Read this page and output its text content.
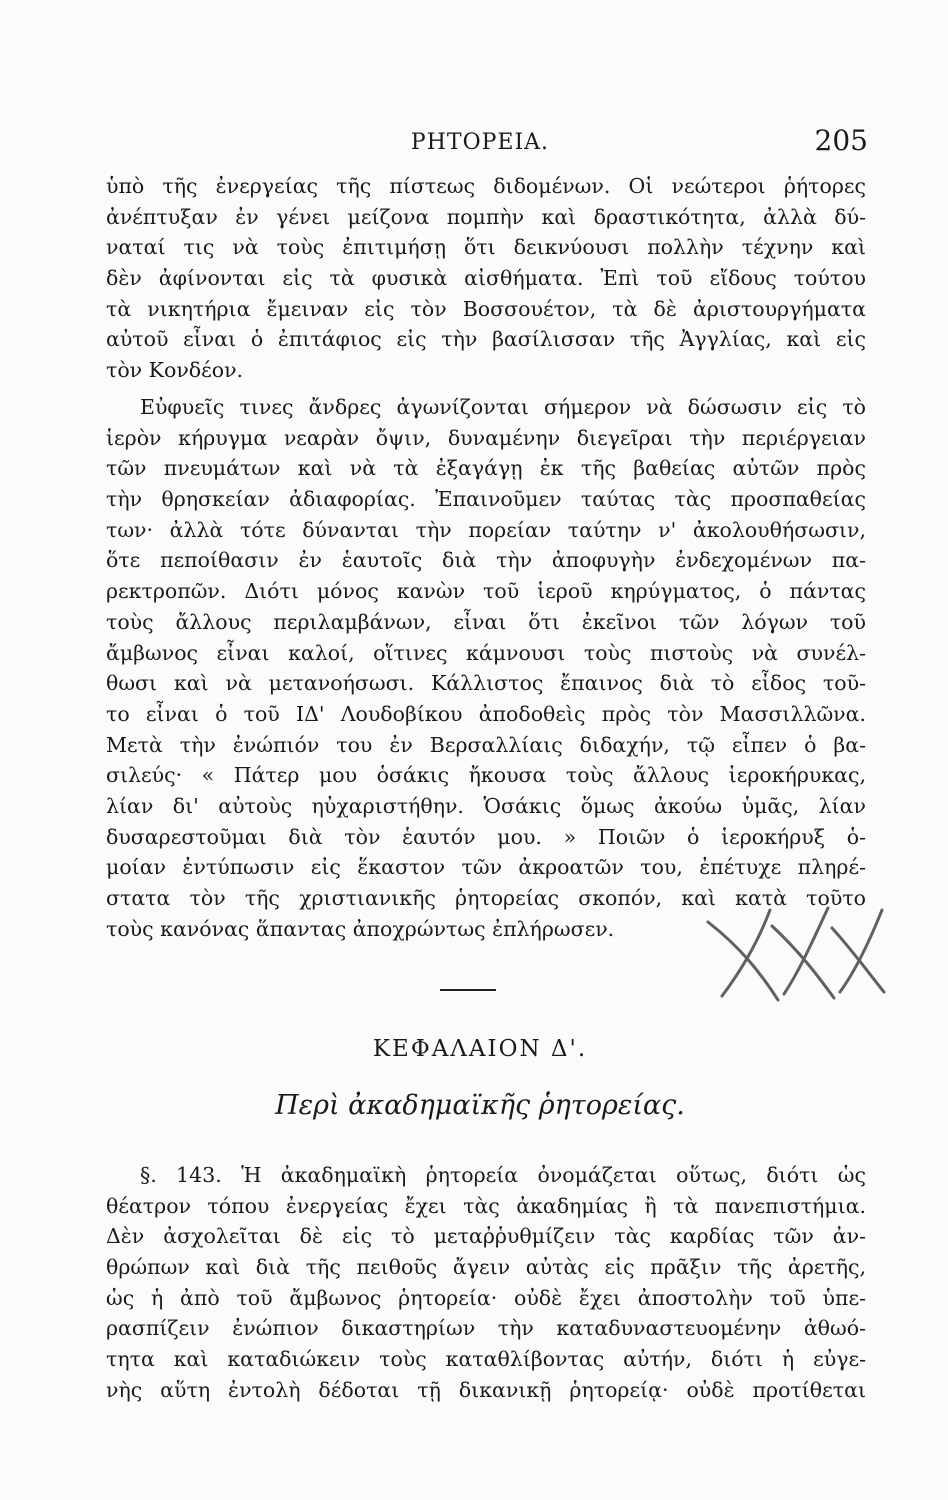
ΡΗΤΟΡΕΙΑ.	205
ὑπὸ τῆς ἐνεργείας τῆς πίστεως διδομένων. Οἱ νεώτεροι ῥήτορες
ἀνέπτυξαν ἐν γένει μείζονα πομπὴν καὶ δραστικότητα, ἀλλὰ δύ-
ναταί τις νὰ τοὺς ἐπιτιμήσῃ ὅτι δεικνύουσι πολλὴν τέχνην καὶ
δὲν ἀφίνονται εἰς τὰ φυσικὰ αἰσθήματα. Ἐπὶ τοῦ εἴδους τούτου
τὰ νικητήρια ἔμειναν εἰς τὸν Βοσσουέτον, τὰ δὲ ἀριστουργήματα
αὐτοῦ εἶναι ὁ ἐπιτάφιος εἰς τὴν βασίλισσαν τῆς Ἀγγλίας, καὶ εἰς
τὸν Κονδέον.
Εὐφυεῖς τινες ἄνδρες ἀγωνίζονται σήμερον νὰ δώσωσιν εἰς τὸ
ἱερὸν κήρυγμα νεαρὰν ὄψιν, δυναμένην διεγεῖραι τὴν περιέργειαν
τῶν πνευμάτων καὶ νὰ τὰ ἐξαγάγῃ ἐκ τῆς βαθείας αὐτῶν πρὸς
τὴν θρησκείαν ἀδιαφορίας. Ἐπαινοῦμεν ταύτας τὰς προσπαθείας
των· ἀλλὰ τότε δύνανται τὴν πορείαν ταύτην ν' ἀκολουθήσωσιν,
ὅτε πεποίθασιν ἐν ἑαυτοῖς διὰ τὴν ἀποφυγὴν ἐνδεχομένων πα-
ρεκτροπῶν. Διότι μόνος κανὼν τοῦ ἱεροῦ κηρύγματος, ὁ πάντας
τοὺς ἄλλους περιλαμβάνων, εἶναι ὅτι ἐκεῖνοι τῶν λόγων τοῦ
ἄμβωνος εἶναι καλοί, οἵτινες κάμνουσι τοὺς πιστοὺς νὰ συνέλ-
θωσι καὶ νὰ μετανοήσωσι. Κάλλιστος ἔπαινος διὰ τὸ εἶδος τοῦ-
το εἶναι ὁ τοῦ ΙΔ' Λουδοβίκου ἀποδοθεὶς πρὸς τὸν Μασσιλλῶνα.
Μετὰ τὴν ἐνώπιόν του ἐν Βερσαλλίαις διδαχήν, τῷ εἶπεν ὁ βα-
σιλεύς· « Πάτερ μου ὁσάκις ἤκουσα τοὺς ἄλλους ἱεροκήρυκας,
λίαν δι' αὐτοὺς ηὐχαριστήθην. Ὁσάκις ὅμως ἀκούω ὑμᾶς, λίαν
δυσαρεστοῦμαι διὰ τὸν ἑαυτόν μου. » Ποιῶν ὁ ἱεροκήρυξ ὁ-
μοίαν ἐντύπωσιν εἰς ἕκαστον τῶν ἀκροατῶν του, ἐπέτυχε πληρέ-
στατα τὸν τῆς χριστιανικῆς ῥητορείας σκοπόν, καὶ κατὰ τοῦτο
τοὺς κανόνας ἅπαντας ἀποχρώντως ἐπλήρωσεν.
ΚΕΦΑΛΑΙΟΝ Δ'.
Περὶ ἀκαδημαϊκῆς ῥητορείας.
§. 143. Ἡ ἀκαδημαϊκὴ ῥητορεία ὀνομάζεται οὕτως, διότι ὡς
θέατρον τόπου ἐνεργείας ἔχει τὰς ἀκαδημίας ἢ τὰ πανεπιστήμια.
Δὲν ἀσχολεῖται δὲ εἰς τὸ μεταῤῥυθμίζειν τὰς καρδίας τῶν ἀν-
θρώπων καὶ διὰ τῆς πειθοῦς ἄγειν αὐτὰς εἰς πρᾶξιν τῆς ἀρετῆς,
ὡς ἡ ἀπὸ τοῦ ἄμβωνος ῥητορεία· οὐδὲ ἔχει ἀποστολὴν τοῦ ὑπε-
ρασπίζειν ἐνώπιον δικαστηρίων τὴν καταδυναστευομένην ἀθωό-
τητα καὶ καταδιώκειν τοὺς καταθλίβοντας αὐτήν, διότι ἡ εὐγε-
νὴς αὕτη ἐντολὴ δέδοται τῇ δικανικῇ ῥητορείᾳ· οὐδὲ προτίθεται
